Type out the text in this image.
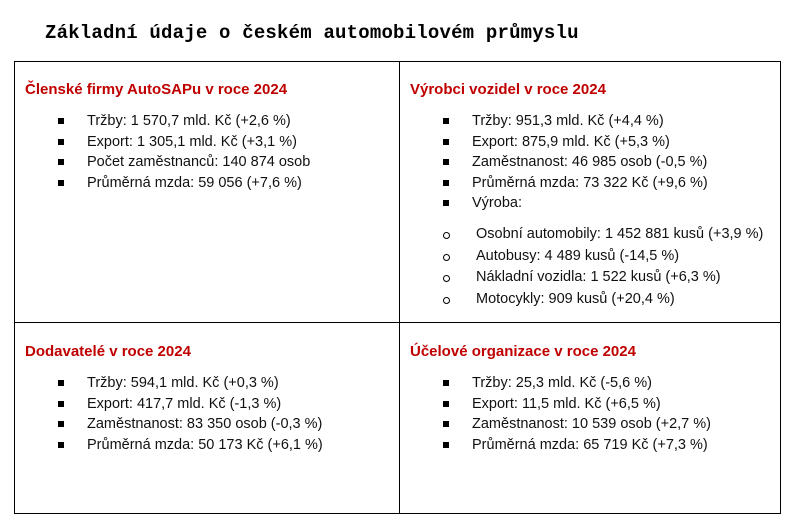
Základní údaje o českém automobilovém průmyslu
Členské firmy AutoSAPu v roce 2024
Tržby: 1 570,7 mld. Kč (+2,6 %)
Export: 1 305,1 mld. Kč (+3,1 %)
Počet zaměstnanců: 140 874 osob
Průměrná mzda: 59 056 (+7,6 %)
Výrobci vozidel v roce 2024
Tržby: 951,3 mld. Kč (+4,4 %)
Export: 875,9 mld. Kč (+5,3 %)
Zaměstnanost: 46 985 osob (-0,5 %)
Průměrná mzda: 73 322 Kč (+9,6 %)
Výroba:
Osobní automobily: 1 452 881 kusů (+3,9 %)
Autobusy: 4 489 kusů (-14,5 %)
Nákladní vozidla: 1 522 kusů (+6,3 %)
Motocykly: 909 kusů (+20,4 %)
Dodavatelé v roce 2024
Tržby: 594,1 mld. Kč (+0,3 %)
Export: 417,7 mld. Kč (-1,3 %)
Zaměstnanost: 83 350 osob (-0,3 %)
Průměrná mzda: 50 173 Kč (+6,1 %)
Účelové organizace v roce 2024
Tržby: 25,3 mld. Kč (-5,6 %)
Export: 11,5 mld. Kč (+6,5 %)
Zaměstnanost: 10 539 osob (+2,7 %)
Průměrná mzda: 65 719 Kč (+7,3 %)
